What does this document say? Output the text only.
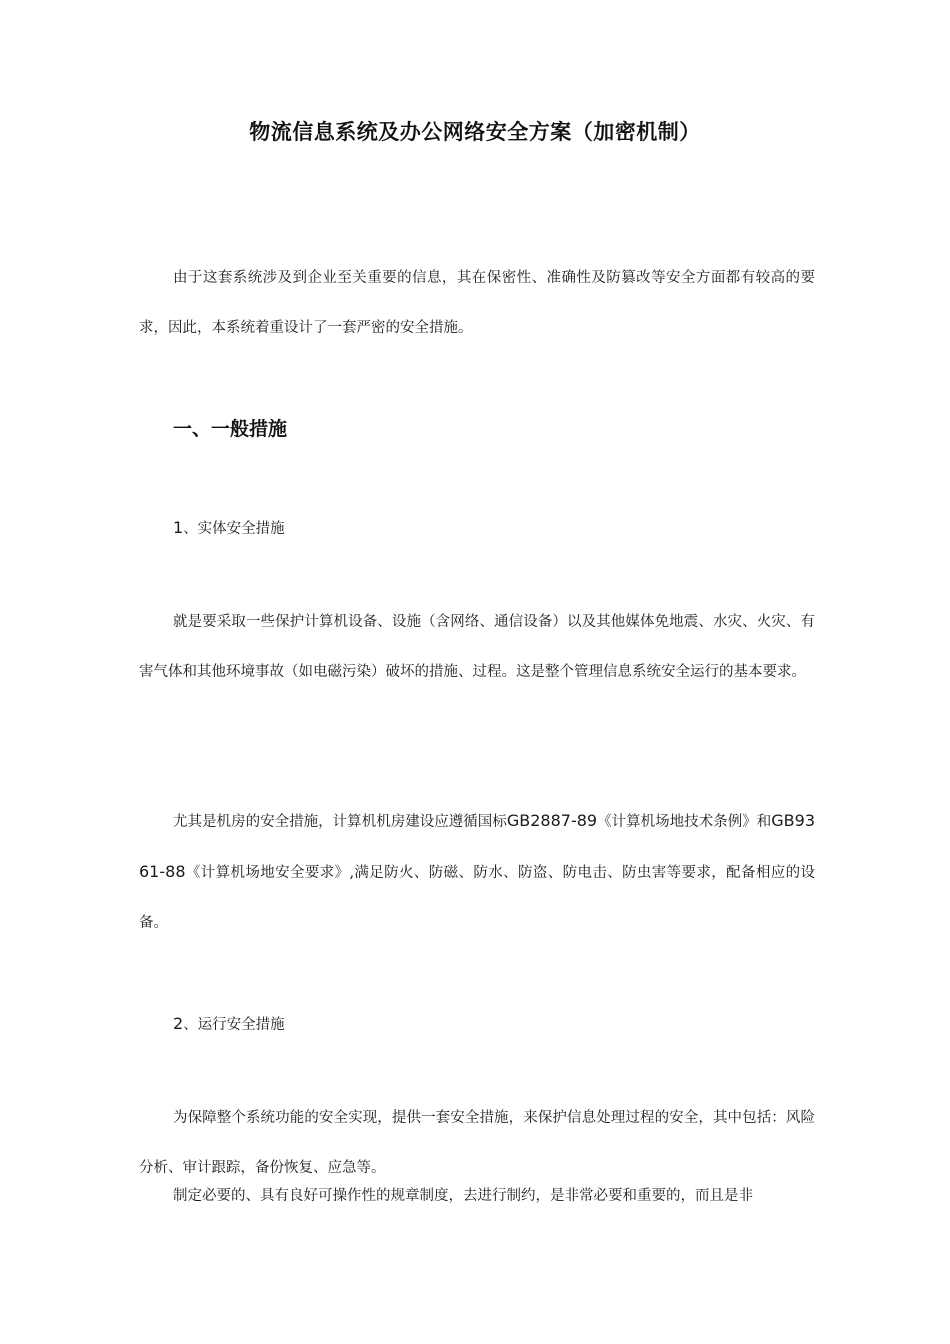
物流信息系统及办公网络安全方案（加密机制）

由于这套系统涉及到企业至关重要的信息，其在保密性、准确性及防篡改等安全方面都有较高的要求，因此，本系统着重设计了一套严密的安全措施。

一、一般措施
1、实体安全措施

就是要采取一些保护计算机设备、设施（含网络、通信设备）以及其他媒体免地震、水灾、火灾、有害气体和其他环境事故（如电磁污染）破坏的措施、过程。这是整个管理信息系统安全运行的基本要求。

尤其是机房的安全措施，计算机机房建设应遵循国标GB2887-89《计算机场地技术条例》和GB9361-88《计算机场地安全要求》,满足防火、防磁、防水、防盗、防电击、防虫害等要求，配备相应的设备。

2、运行安全措施

为保障整个系统功能的安全实现，提供一套安全措施，来保护信息处理过程的安全，其中包括：风险分析、审计跟踪，备份恢复、应急等。

制定必要的、具有良好可操作性的规章制度，去进行制约，是非常必要和重要的，而且是非
